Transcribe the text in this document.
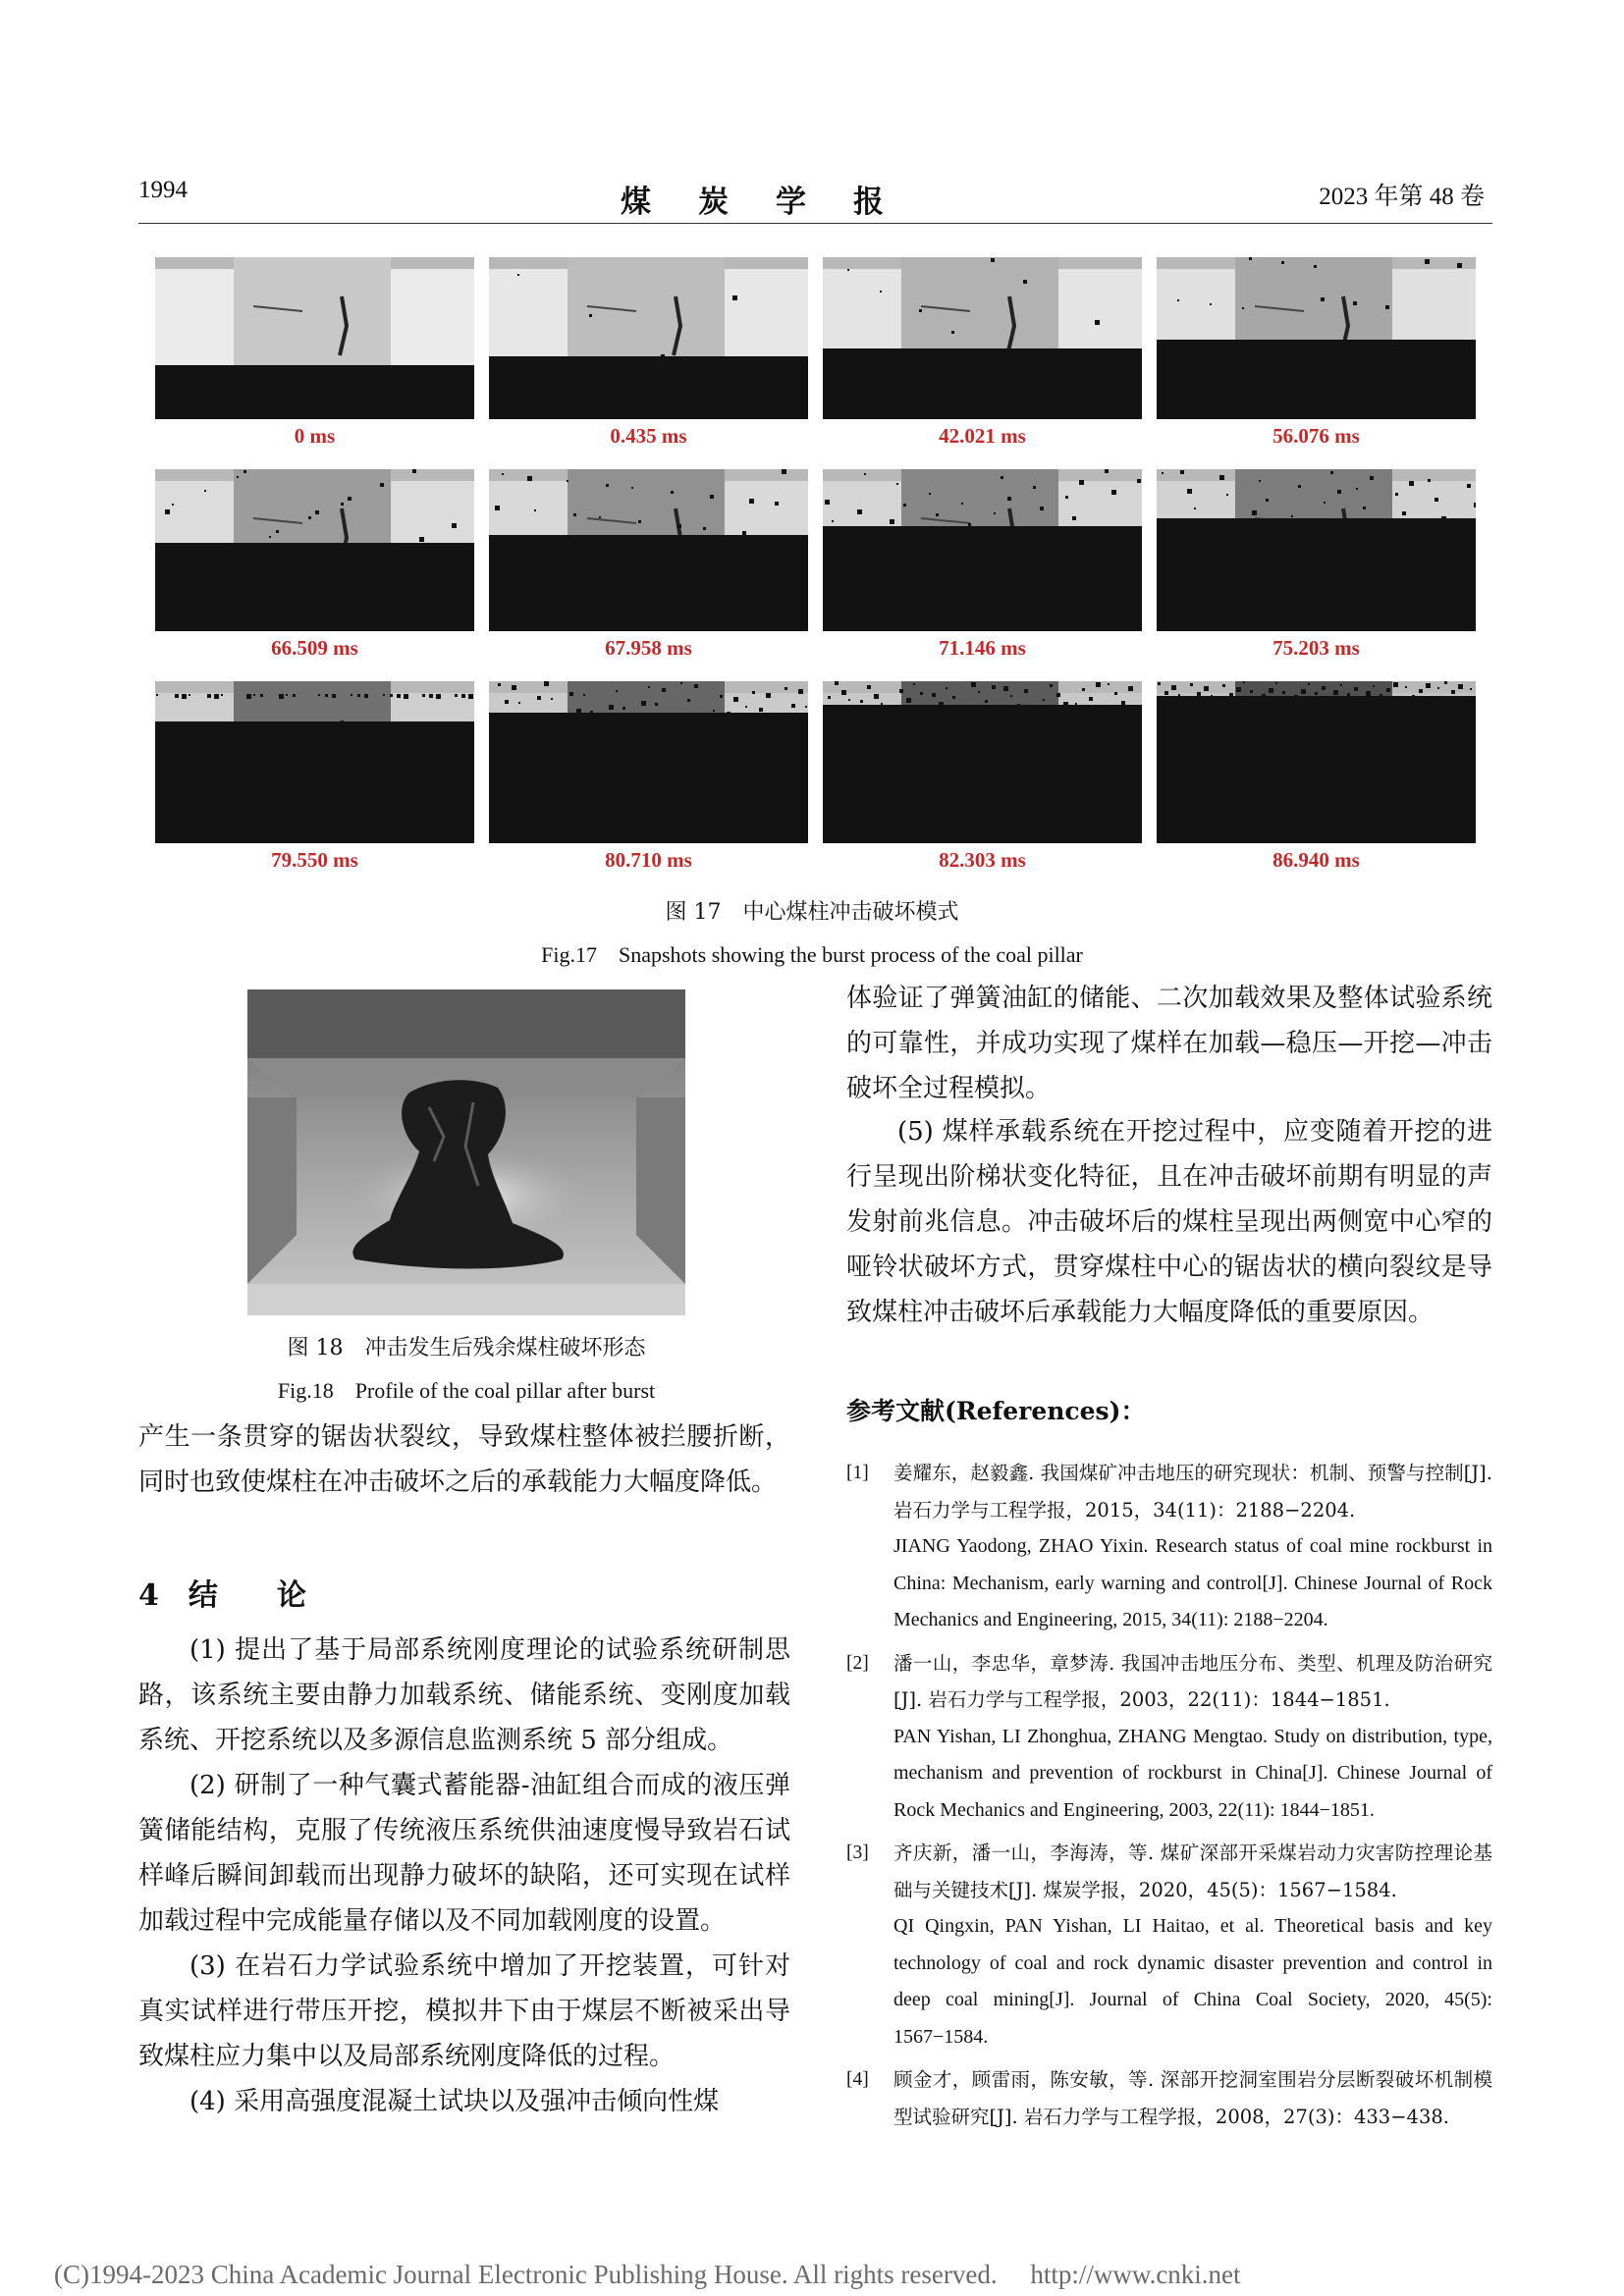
1994	煤炭学报	2023 年第 48 卷
0 ms	0.435 ms	42.021 ms	56.076 ms
66.509 ms	67.958 ms	71.146 ms	75.203 ms
79.550 ms	80.710 ms	82.303 ms	86.940 ms
图 17　中心煤柱冲击破坏模式
Fig.17　Snapshots showing the burst process of the coal pillar
图 18　冲击发生后残余煤柱破坏形态
Fig.18　Profile of the coal pillar after burst
产生一条贯穿的锯齿状裂纹，导致煤柱整体被拦腰折断，同时也致使煤柱在冲击破坏之后的承载能力大幅度降低。
4　结　　论
(1) 提出了基于局部系统刚度理论的试验系统研制思路，该系统主要由静力加载系统、储能系统、变刚度加载系统、开挖系统以及多源信息监测系统 5 部分组成。
(2) 研制了一种气囊式蓄能器-油缸组合而成的液压弹簧储能结构，克服了传统液压系统供油速度慢导致岩石试样峰后瞬间卸载而出现静力破坏的缺陷，还可实现在试样加载过程中完成能量存储以及不同加载刚度的设置。
(3) 在岩石力学试验系统中增加了开挖装置，可针对真实试样进行带压开挖，模拟井下由于煤层不断被采出导致煤柱应力集中以及局部系统刚度降低的过程。
(4) 采用高强度混凝土试块以及强冲击倾向性煤
体验证了弹簧油缸的储能、二次加载效果及整体试验系统的可靠性，并成功实现了煤样在加载—稳压—开挖—冲击破坏全过程模拟。
(5) 煤样承载系统在开挖过程中，应变随着开挖的进行呈现出阶梯状变化特征，且在冲击破坏前期有明显的声发射前兆信息。冲击破坏后的煤柱呈现出两侧宽中心窄的哑铃状破坏方式，贯穿煤柱中心的锯齿状的横向裂纹是导致煤柱冲击破坏后承载能力大幅度降低的重要原因。
参考文献(References)：
[1] 姜耀东，赵毅鑫. 我国煤矿冲击地压的研究现状：机制、预警与控制[J]. 岩石力学与工程学报，2015，34(11)：2188−2204.
JIANG Yaodong, ZHAO Yixin. Research status of coal mine rockburst in China: Mechanism, early warning and control[J]. Chinese Journal of Rock Mechanics and Engineering, 2015, 34(11): 2188−2204.
[2] 潘一山，李忠华，章梦涛. 我国冲击地压分布、类型、机理及防治研究[J]. 岩石力学与工程学报，2003，22(11)：1844−1851.
PAN Yishan, LI Zhonghua, ZHANG Mengtao. Study on distribution, type, mechanism and prevention of rockburst in China[J]. Chinese Journal of Rock Mechanics and Engineering, 2003, 22(11): 1844−1851.
[3] 齐庆新，潘一山，李海涛，等. 煤矿深部开采煤岩动力灾害防控理论基础与关键技术[J]. 煤炭学报，2020，45(5)：1567−1584.
QI Qingxin, PAN Yishan, LI Haitao, et al. Theoretical basis and key technology of coal and rock dynamic disaster prevention and control in deep coal mining[J]. Journal of China Coal Society, 2020, 45(5): 1567−1584.
[4] 顾金才，顾雷雨，陈安敏，等. 深部开挖洞室围岩分层断裂破坏机制模型试验研究[J]. 岩石力学与工程学报，2008，27(3)：433−438.
(C)1994-2023 China Academic Journal Electronic Publishing House. All rights reserved.　 http://www.cnki.net
